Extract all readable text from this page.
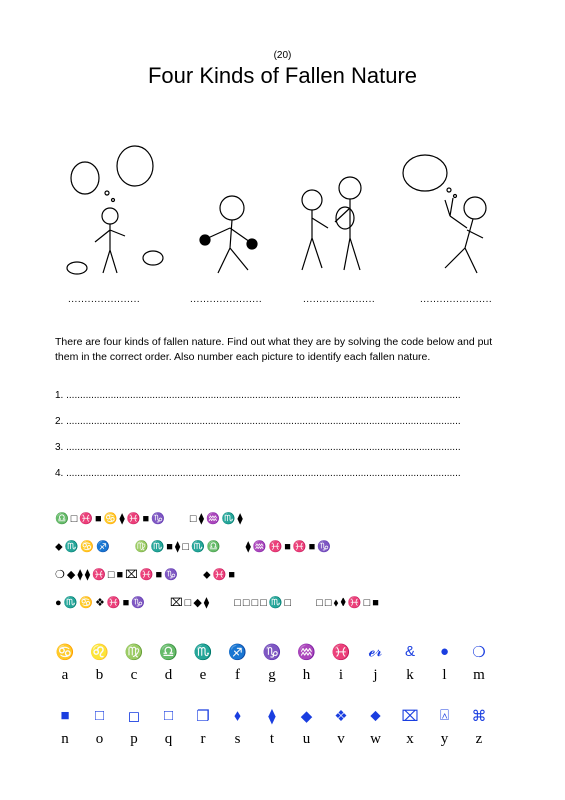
(20)
Four Kinds of Fallen Nature
......................	......................	......................	......................
There are four kinds of fallen nature. Find out what they are by solving the code below and put them in the correct order. Also number each picture to identify each fallen nature.
1. ..............................................................................................................................................
2. ..............................................................................................................................................
3. ..............................................................................................................................................
4. ..............................................................................................................................................
♎□♓■♋⧫♓■♑ □⧫♒♏⧫
⬥♏♋♐ ♍♏■⧫□♏♎ ⧫♒♓■♓■♑
❍◆⧫⧫♓□■⌧♓■♑ ⬥♓■
●♏♋❖♓■♑ ⌧□◆⧫ □□□□♏□ □□⬧⧫♓□■
♋
a
♌
b
♍
c
♎
d
♏
e
♐
f
♑
g
♒
h
♓
i
𝓮𝓻
j
&
k
●
l
❍
m
■
n
□
o
◻
p
□
q
❐
r
⬧
s
⧫
t
◆
u
❖
v
⬥
w
⌧
x
⍓
y
⌘
z
